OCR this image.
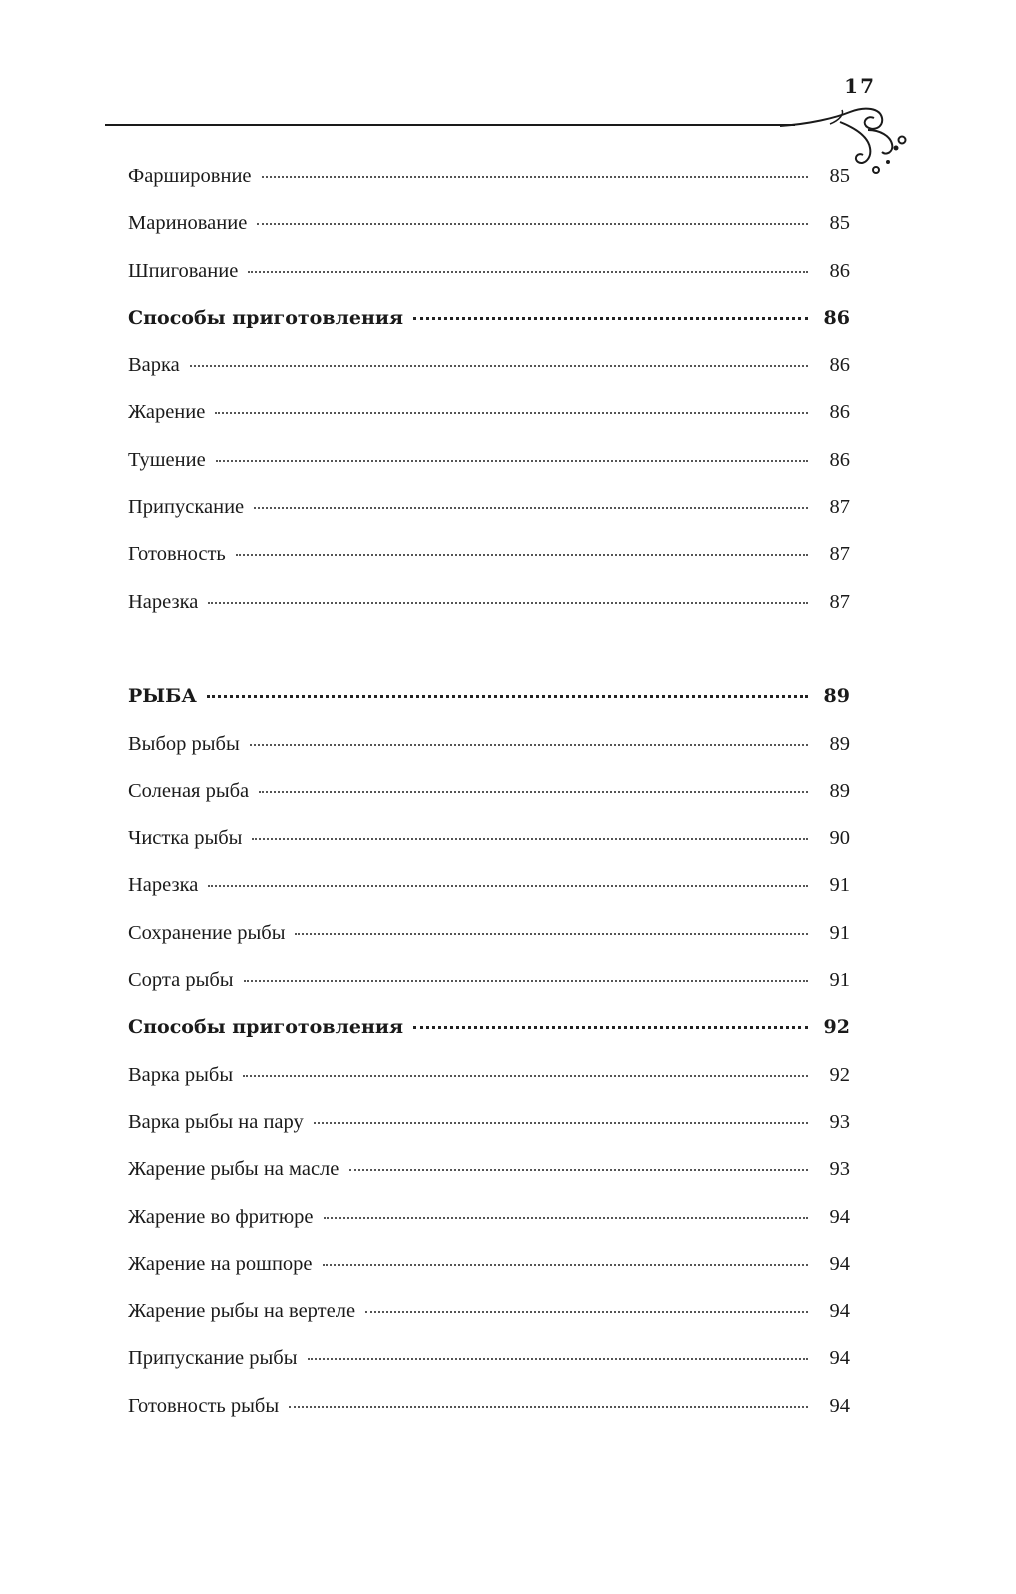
17
Фаршировние	85
Маринование	85
Шпигование	86
Способы приготовления	86
Варка	86
Жарение	86
Тушение	86
Припускание	87
Готовность	87
Нарезка	87
РЫБА	89
Выбор рыбы	89
Соленая рыба	89
Чистка рыбы	90
Нарезка	91
Сохранение рыбы	91
Сорта рыбы	91
Способы приготовления	92
Варка рыбы	92
Варка рыбы на пару	93
Жарение рыбы на масле	93
Жарение во фритюре	94
Жарение на рошпоре	94
Жарение рыбы на вертеле	94
Припускание рыбы	94
Готовность рыбы	94
